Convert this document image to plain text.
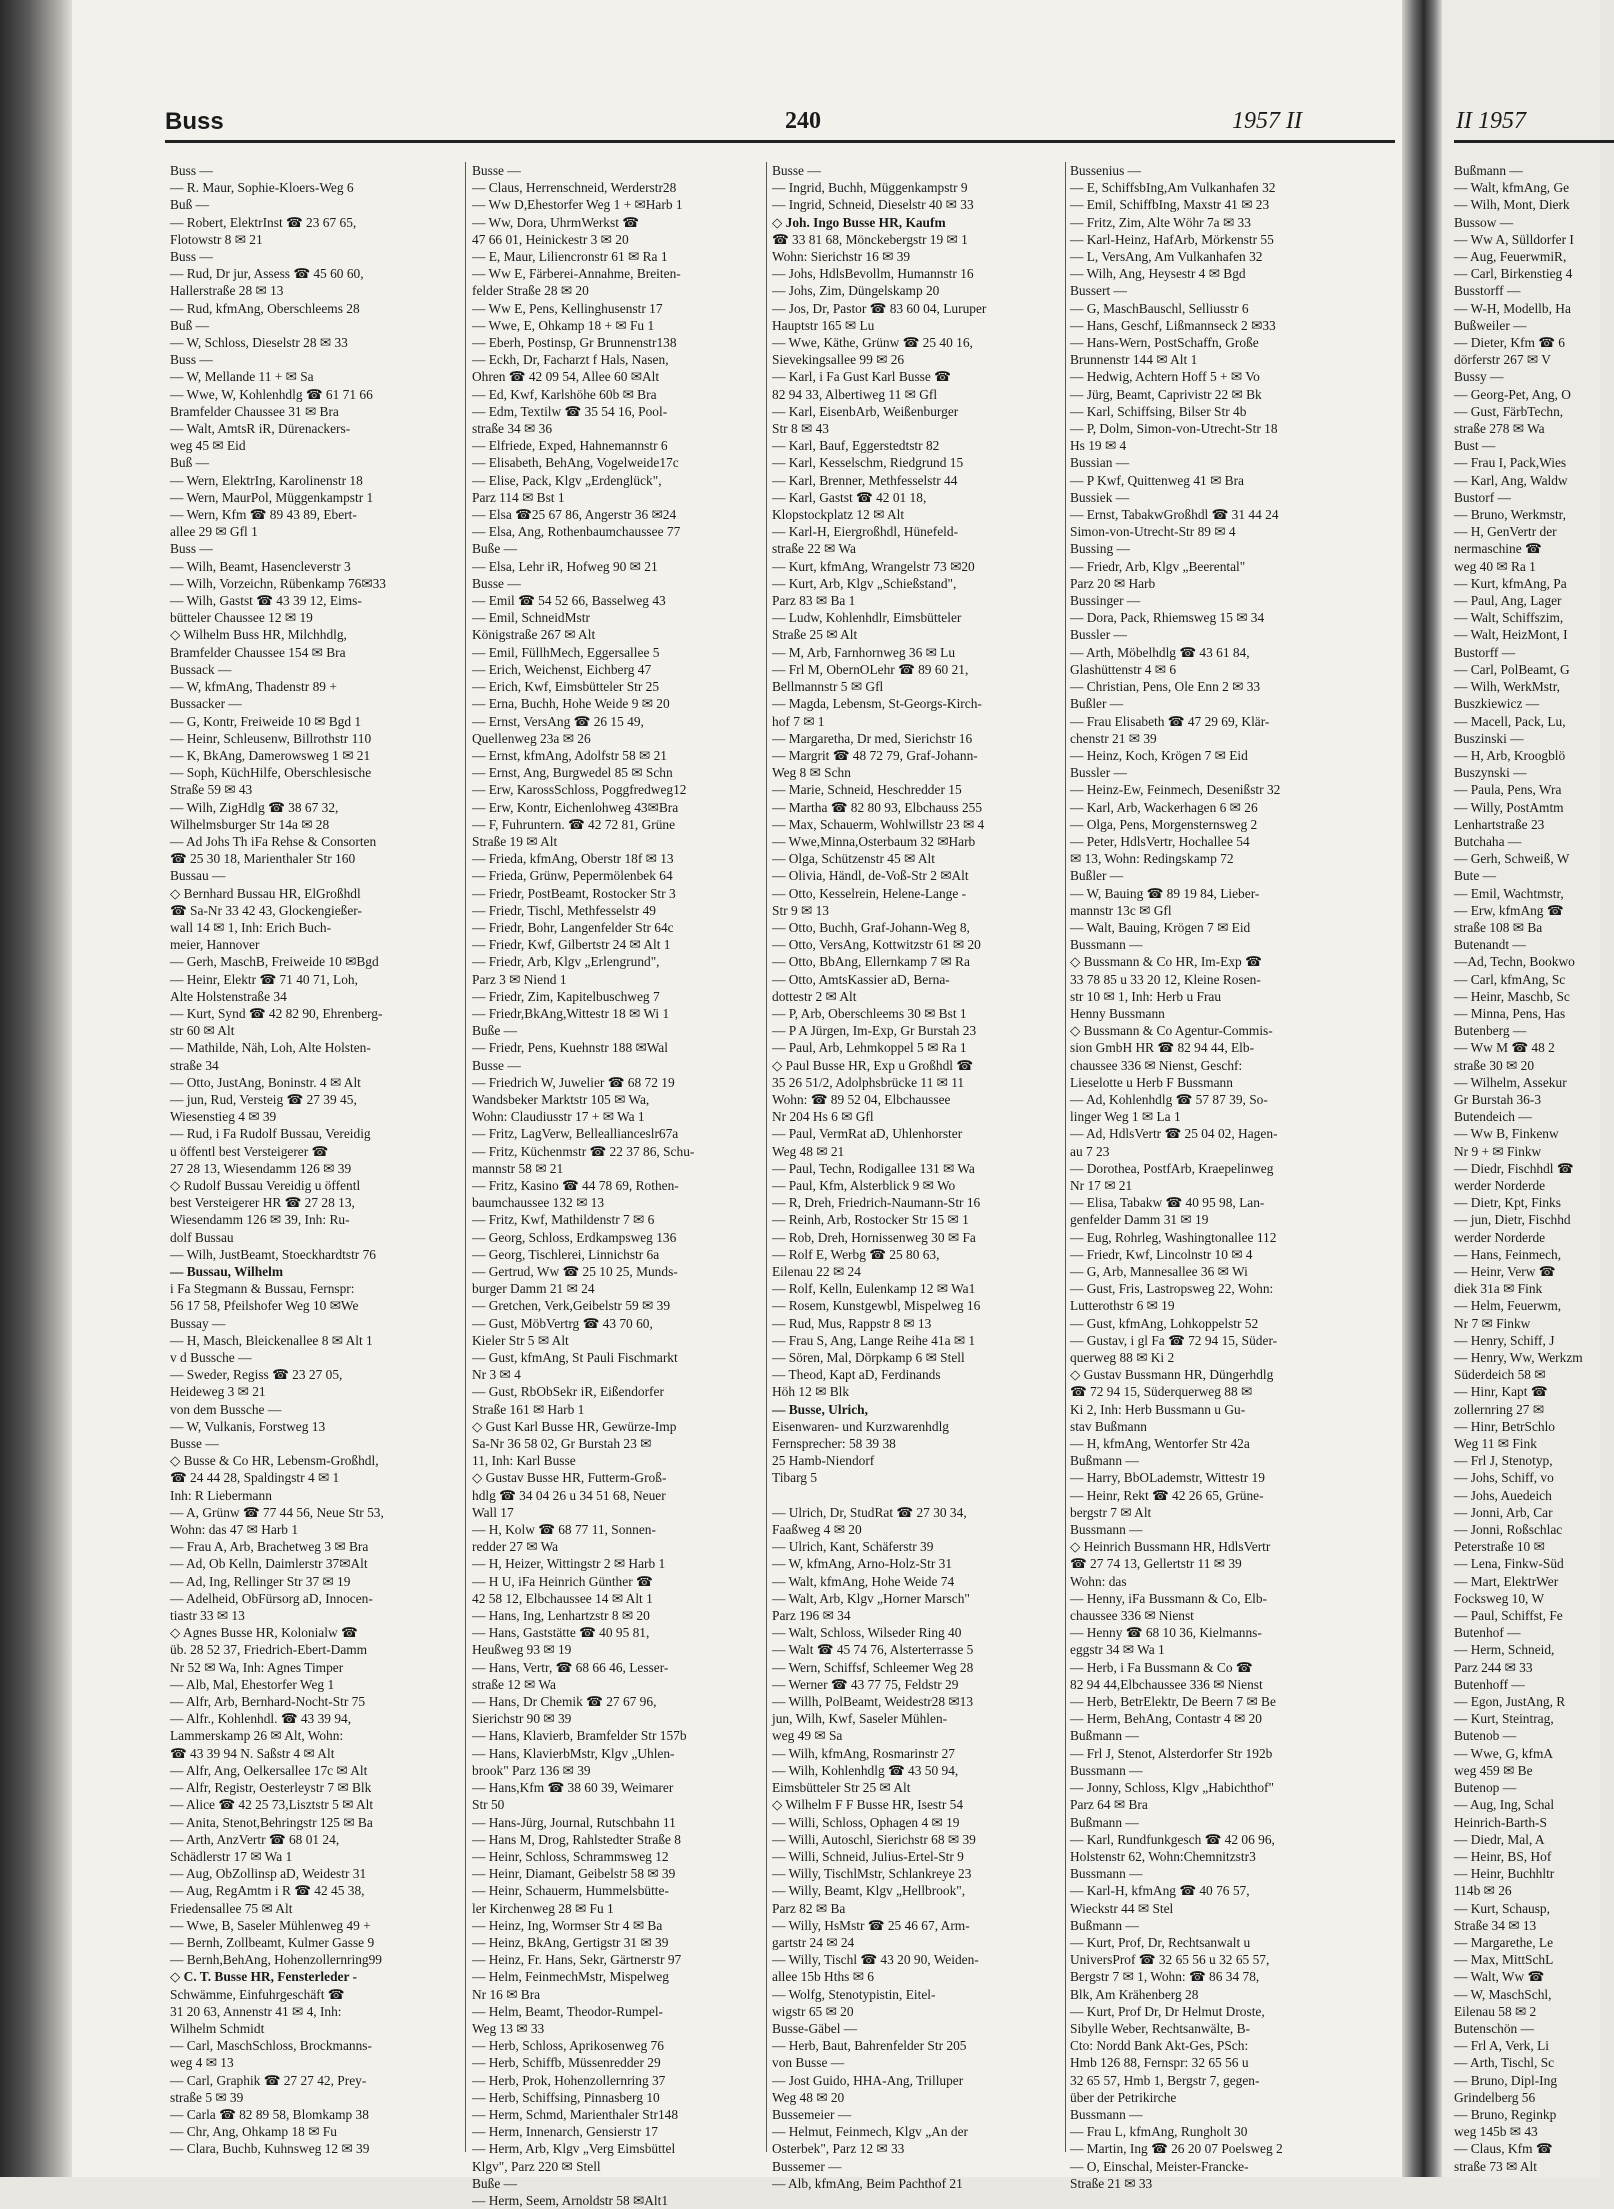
Buss	240	1957 II
Buss —
— R. Maur, Sophie-Kloers-Weg 6
Buß —
— Robert, ElektrInst ☎ 23 67 65,
Flotowstr 8 ✉ 21
Buss —
— Rud, Dr jur, Assess ☎ 45 60 60,
Hallerstraße 28 ✉ 13
— Rud, kfmAng, Oberschleems 28
Buß —
— W, Schloss, Dieselstr 28 ✉ 33
Buss —
— W, Mellande 11 + ✉ Sa
— Wwe, W, Kohlenhdlg ☎ 61 71 66
Bramfelder Chaussee 31 ✉ Bra
— Walt, AmtsR iR, Dürenackers-
weg 45 ✉ Eid
Buß —
— Wern, ElektrIng, Karolinenstr 18
— Wern, MaurPol, Müggenkampstr 1
— Wern, Kfm ☎ 89 43 89, Ebert-
allee 29 ✉ Gfl 1
Buss —
— Wilh, Beamt, Hasencleverstr 3
— Wilh, Vorzeichn, Rübenkamp 76✉33
— Wilh, Gastst ☎ 43 39 12, Eims-
bütteler Chaussee 12 ✉ 19
◇ Wilhelm Buss HR, Milchhdlg,
Bramfelder Chaussee 154 ✉ Bra
Bussack —
— W, kfmAng, Thadenstr 89 +
Bussacker —
— G, Kontr, Freiweide 10 ✉ Bgd 1
— Heinr, Schleusenw, Billrothstr 110
— K, BkAng, Damerowsweg 1 ✉ 21
— Soph, KüchHilfe, Oberschlesische
Straße 59 ✉ 43
— Wilh, ZigHdlg ☎ 38 67 32,
Wilhelmsburger Str 14a ✉ 28
— Ad Johs Th iFa Rehse & Consorten
☎ 25 30 18, Marienthaler Str 160
Bussau —
◇ Bernhard Bussau HR, ElGroßhdl
☎ Sa-Nr 33 42 43, Glockengießer-
wall 14 ✉ 1, Inh: Erich Buch-
meier, Hannover
— Gerh, MaschB, Freiweide 10 ✉Bgd
— Heinr, Elektr ☎ 71 40 71, Loh,
Alte Holstenstraße 34
— Kurt, Synd ☎ 42 82 90, Ehrenberg-
str 60 ✉ Alt
— Mathilde, Näh, Loh, Alte Holsten-
straße 34
— Otto, JustAng, Boninstr. 4 ✉ Alt
— jun, Rud, Versteig ☎ 27 39 45,
Wiesenstieg 4 ✉ 39
— Rud, i Fa Rudolf Bussau, Vereidig
u öffentl best Versteigerer ☎
27 28 13, Wiesendamm 126 ✉ 39
◇ Rudolf Bussau Vereidig u öffentl
best Versteigerer HR ☎ 27 28 13,
Wiesendamm 126 ✉ 39, Inh: Ru-
dolf Bussau
— Wilh, JustBeamt, Stoeckhardtstr 76
— Bussau, Wilhelm
i Fa Stegmann & Bussau, Fernspr:
56 17 58, Pfeilshofer Weg 10 ✉We
Bussay —
— H, Masch, Bleickenallee 8 ✉ Alt 1
v d Bussche —
— Sweder, Regiss ☎ 23 27 05,
Heideweg 3 ✉ 21
von dem Bussche —
— W, Vulkanis, Forstweg 13
Busse —
◇ Busse & Co HR, Lebensm-Großhdl,
☎ 24 44 28, Spaldingstr 4 ✉ 1
Inh: R Liebermann
— A, Grünw ☎ 77 44 56, Neue Str 53,
Wohn: das 47 ✉ Harb 1
— Frau A, Arb, Brachetweg 3 ✉ Bra
— Ad, Ob Kelln, Daimlerstr 37✉Alt
— Ad, Ing, Rellinger Str 37 ✉ 19
— Adelheid, ObFürsorg aD, Innocen-
tiastr 33 ✉ 13
◇ Agnes Busse HR, Kolonialw ☎
üb. 28 52 37, Friedrich-Ebert-Damm
Nr 52 ✉ Wa, Inh: Agnes Timper
— Alb, Mal, Ehestorfer Weg 1
— Alfr, Arb, Bernhard-Nocht-Str 75
— Alfr., Kohlenhdl. ☎ 43 39 94,
Lammerskamp 26 ✉ Alt, Wohn:
☎ 43 39 94 N. Saßstr 4 ✉ Alt
— Alfr, Ang, Oelkersallee 17c ✉ Alt
— Alfr, Registr, Oesterleystr 7 ✉ Blk
— Alice ☎ 42 25 73,Lisztstr 5 ✉ Alt
— Anita, Stenot,Behringstr 125 ✉ Ba
— Arth, AnzVertr ☎ 68 01 24,
Schädlerstr 17 ✉ Wa 1
— Aug, ObZollinsp aD, Weidestr 31
— Aug, RegAmtm i R ☎ 42 45 38,
Friedensallee 75 ✉ Alt
— Wwe, B, Saseler Mühlenweg 49 +
— Bernh, Zollbeamt, Kulmer Gasse 9
— Bernh,BehAng, Hohenzollernring99
◇ C. T. Busse HR, Fensterleder -
Schwämme, Einfuhrgeschäft ☎
31 20 63, Annenstr 41 ✉ 4, Inh:
Wilhelm Schmidt
— Carl, MaschSchloss, Brockmanns-
weg 4 ✉ 13
— Carl, Graphik ☎ 27 27 42, Prey-
straße 5 ✉ 39
— Carla ☎ 82 89 58, Blomkamp 38
— Chr, Ang, Ohkamp 18 ✉ Fu
— Clara, Buchb, Kuhnsweg 12 ✉ 39
Busse —
— Claus, Herrenschneid, Werderstr28
— Ww D,Ehestorfer Weg 1 + ✉Harb 1
— Ww, Dora, UhrmWerkst ☎
47 66 01, Heinickestr 3 ✉ 20
— E, Maur, Liliencronstr 61 ✉ Ra 1
— Ww E, Färberei-Annahme, Breiten-
felder Straße 28 ✉ 20
— Ww E, Pens, Kellinghusenstr 17
— Wwe, E, Ohkamp 18 + ✉ Fu 1
— Eberh, Postinsp, Gr Brunnenstr138
— Eckh, Dr, Facharzt f Hals, Nasen,
Ohren ☎ 42 09 54, Allee 60 ✉Alt
— Ed, Kwf, Karlshöhe 60b ✉ Bra
— Edm, Textilw ☎ 35 54 16, Pool-
straße 34 ✉ 36
— Elfriede, Exped, Hahnemannstr 6
— Elisabeth, BehAng, Vogelweide17c
— Elise, Pack, Klgv „Erdenglück",
Parz 114 ✉ Bst 1
— Elsa ☎25 67 86, Angerstr 36 ✉24
— Elsa, Ang, Rothenbaumchaussee 77
Buße —
— Elsa, Lehr iR, Hofweg 90 ✉ 21
Busse —
— Emil ☎ 54 52 66, Basselweg 43
— Emil, SchneidMstr
Königstraße 267 ✉ Alt
— Emil, FüllhMech, Eggersallee 5
— Erich, Weichenst, Eichberg 47
— Erich, Kwf, Eimsbütteler Str 25
— Erna, Buchh, Hohe Weide 9 ✉ 20
— Ernst, VersAng ☎ 26 15 49,
Quellenweg 23a ✉ 26
— Ernst, kfmAng, Adolfstr 58 ✉ 21
— Ernst, Ang, Burgwedel 85 ✉ Schn
— Erw, KarossSchloss, Poggfredweg12
— Erw, Kontr, Eichenlohweg 43✉Bra
— F, Fuhruntern. ☎ 42 72 81, Grüne
Straße 19 ✉ Alt
— Frieda, kfmAng, Oberstr 18f ✉ 13
— Frieda, Grünw, Pepermölenbek 64
— Friedr, PostBeamt, Rostocker Str 3
— Friedr, Tischl, Methfesselstr 49
— Friedr, Bohr, Langenfelder Str 64c
— Friedr, Kwf, Gilbertstr 24 ✉ Alt 1
— Friedr, Arb, Klgv „Erlengrund",
Parz 3 ✉ Niend 1
— Friedr, Zim, Kapitelbuschweg 7
— Friedr,BkAng,Wittestr 18 ✉ Wi 1
Buße —
— Friedr, Pens, Kuehnstr 188 ✉Wal
Busse —
— Friedrich W, Juwelier ☎ 68 72 19
Wandsbeker Marktstr 105 ✉ Wa,
Wohn: Claudiusstr 17 + ✉ Wa 1
— Fritz, LagVerw, Belleallianceslr67a
— Fritz, Küchenmstr ☎ 22 37 86, Schu-
mannstr 58 ✉ 21
— Fritz, Kasino ☎ 44 78 69, Rothen-
baumchaussee 132 ✉ 13
— Fritz, Kwf, Mathildenstr 7 ✉ 6
— Georg, Schloss, Erdkampsweg 136
— Georg, Tischlerei, Linnichstr 6a
— Gertrud, Ww ☎ 25 10 25, Munds-
burger Damm 21 ✉ 24
— Gretchen, Verk,Geibelstr 59 ✉ 39
— Gust, MöbVertrg ☎ 43 70 60,
Kieler Str 5 ✉ Alt
— Gust, kfmAng, St Pauli Fischmarkt
Nr 3 ✉ 4
— Gust, RbObSekr iR, Eißendorfer
Straße 161 ✉ Harb 1
◇ Gust Karl Busse HR, Gewürze-Imp
Sa-Nr 36 58 02, Gr Burstah 23 ✉
11, Inh: Karl Busse
◇ Gustav Busse HR, Futterm-Groß-
hdlg ☎ 34 04 26 u 34 51 68, Neuer
Wall 17
— H, Kolw ☎ 68 77 11, Sonnen-
redder 27 ✉ Wa
— H, Heizer, Wittingstr 2 ✉ Harb 1
— H U, iFa Heinrich Günther ☎
42 58 12, Elbchaussee 14 ✉ Alt 1
— Hans, Ing, Lenhartzstr 8 ✉ 20
— Hans, Gaststätte ☎ 40 95 81,
Heußweg 93 ✉ 19
— Hans, Vertr, ☎ 68 66 46, Lesser-
straße 12 ✉ Wa
— Hans, Dr Chemik ☎ 27 67 96,
Sierichstr 90 ✉ 39
— Hans, Klavierb, Bramfelder Str 157b
— Hans, KlavierbMstr, Klgv „Uhlen-
brook" Parz 136 ✉ 39
— Hans,Kfm ☎ 38 60 39, Weimarer
Str 50
— Hans-Jürg, Journal, Rutschbahn 11
— Hans M, Drog, Rahlstedter Straße 8
— Heinr, Schloss, Schrammsweg 12
— Heinr, Diamant, Geibelstr 58 ✉ 39
— Heinr, Schauerm, Hummelsbütte-
ler Kirchenweg 28 ✉ Fu 1
— Heinz, Ing, Wormser Str 4 ✉ Ba
— Heinz, BkAng, Gertigstr 31 ✉ 39
— Heinz, Fr. Hans, Sekr, Gärtnerstr 97
— Helm, FeinmechMstr, Mispelweg
Nr 16 ✉ Bra
— Helm, Beamt, Theodor-Rumpel-
Weg 13 ✉ 33
— Herb, Schloss, Aprikosenweg 76
— Herb, Schiffb, Müssenredder 29
— Herb, Prok, Hohenzollernring 37
— Herb, Schiffsing, Pinnasberg 10
— Herm, Schmd, Marienthaler Str148
— Herm, Innenarch, Gensierstr 17
— Herm, Arb, Klgv „Verg Eimsbüttel
Klgv", Parz 220 ✉ Stell
Buße —
— Herm, Seem, Arnoldstr 58 ✉Alt1
Busse —
— Ingrid, Buchh, Müggenkampstr 9
— Ingrid, Schneid, Dieselstr 40 ✉ 33
◇ Joh. Ingo Busse HR, Kaufm
☎ 33 81 68, Mönckebergstr 19 ✉ 1
Wohn: Sierichstr 16 ✉ 39
— Johs, HdlsBevollm, Humannstr 16
— Johs, Zim, Düngelskamp 20
— Jos, Dr, Pastor ☎ 83 60 04, Luruper
Hauptstr 165 ✉ Lu
— Wwe, Käthe, Grünw ☎ 25 40 16,
Sievekingsallee 99 ✉ 26
— Karl, i Fa Gust Karl Busse ☎
82 94 33, Albertiweg 11 ✉ Gfl
— Karl, EisenbArb, Weißenburger
Str 8 ✉ 43
— Karl, Bauf, Eggerstedtstr 82
— Karl, Kesselschm, Riedgrund 15
— Karl, Brenner, Methfesselstr 44
— Karl, Gastst ☎ 42 01 18,
Klopstockplatz 12 ✉ Alt
— Karl-H, Eiergroßhdl, Hünefeld-
straße 22 ✉ Wa
— Kurt, kfmAng, Wrangelstr 73 ✉20
— Kurt, Arb, Klgv „Schießstand",
Parz 83 ✉ Ba 1
— Ludw, Kohlenhdlr, Eimsbütteler
Straße 25 ✉ Alt
— M, Arb, Farnhornweg 36 ✉ Lu
— Frl M, ObernOLehr ☎ 89 60 21,
Bellmannstr 5 ✉ Gfl
— Magda, Lebensm, St-Georgs-Kirch-
hof 7 ✉ 1
— Margaretha, Dr med, Sierichstr 16
— Margrit ☎ 48 72 79, Graf-Johann-
Weg 8 ✉ Schn
— Marie, Schneid, Heschredder 15
— Martha ☎ 82 80 93, Elbchauss 255
— Max, Schauerm, Wohlwillstr 23 ✉ 4
— Wwe,Minna,Osterbaum 32 ✉Harb
— Olga, Schützenstr 45 ✉ Alt
— Olivia, Händl, de-Voß-Str 2 ✉Alt
— Otto, Kesselrein, Helene-Lange -
Str 9 ✉ 13
— Otto, Buchh, Graf-Johann-Weg 8,
— Otto, VersAng, Kottwitzstr 61 ✉ 20
— Otto, BbAng, Ellernkamp 7 ✉ Ra
— Otto, AmtsKassier aD, Berna-
dottestr 2 ✉ Alt
— P, Arb, Oberschleems 30 ✉ Bst 1
— P A Jürgen, Im-Exp, Gr Burstah 23
— Paul, Arb, Lehmkoppel 5 ✉ Ra 1
◇ Paul Busse HR, Exp u Großhdl ☎
35 26 51/2, Adolphsbrücke 11 ✉ 11
Wohn: ☎ 89 52 04, Elbchaussee
Nr 204 Hs 6 ✉ Gfl
— Paul, VermRat aD, Uhlenhorster
Weg 48 ✉ 21
— Paul, Techn, Rodigallee 131 ✉ Wa
— Paul, Kfm, Alsterblick 9 ✉ Wo
— R, Dreh, Friedrich-Naumann-Str 16
— Reinh, Arb, Rostocker Str 15 ✉ 1
— Rob, Dreh, Hornissenweg 30 ✉ Fa
— Rolf E, Werbg ☎ 25 80 63,
Eilenau 22 ✉ 24
— Rolf, Kelln, Eulenkamp 12 ✉ Wa1
— Rosem, Kunstgewbl, Mispelweg 16
— Rud, Mus, Rappstr 8 ✉ 13
— Frau S, Ang, Lange Reihe 41a ✉ 1
— Sören, Mal, Dörpkamp 6 ✉ Stell
— Theod, Kapt aD, Ferdinands
Höh 12 ✉ Blk
— Busse, Ulrich,
Eisenwaren- und Kurzwarenhdlg
Fernsprecher: 58 39 38
25 Hamb-Niendorf
Tibarg 5

— Ulrich, Dr, StudRat ☎ 27 30 34,
Faaßweg 4 ✉ 20
— Ulrich, Kant, Schäferstr 39
— W, kfmAng, Arno-Holz-Str 31
— Walt, kfmAng, Hohe Weide 74
— Walt, Arb, Klgv „Horner Marsch"
Parz 196 ✉ 34
— Walt, Schloss, Wilseder Ring 40
— Walt ☎ 45 74 76, Alsterterrasse 5
— Wern, Schiffsf, Schleemer Weg 28
— Werner ☎ 43 77 75, Feldstr 29
— Willh, PolBeamt, Weidestr28 ✉13
jun, Wilh, Kwf, Saseler Mühlen-
weg 49 ✉ Sa
— Wilh, kfmAng, Rosmarinstr 27
— Wilh, Kohlenhdlg ☎ 43 50 94,
Eimsbütteler Str 25 ✉ Alt
◇ Wilhelm F F Busse HR, Isestr 54
— Willi, Schloss, Ophagen 4 ✉ 19
— Willi, Autoschl, Sierichstr 68 ✉ 39
— Willi, Schneid, Julius-Ertel-Str 9
— Willy, TischlMstr, Schlankreye 23
— Willy, Beamt, Klgv „Hellbrook",
Parz 82 ✉ Ba
— Willy, HsMstr ☎ 25 46 67, Arm-
gartstr 24 ✉ 24
— Willy, Tischl ☎ 43 20 90, Weiden-
allee 15b Hths ✉ 6
— Wolfg, Stenotypistin, Eitel-
wigstr 65 ✉ 20
Busse-Gäbel —
— Herb, Baut, Bahrenfelder Str 205
von Busse —
— Jost Guido, HHA-Ang, Trilluper
Weg 48 ✉ 20
Bussemeier —
— Helmut, Feinmech, Klgv „An der
Osterbek", Parz 12 ✉ 33
Bussemer —
— Alb, kfmAng, Beim Pachthof 21
Bussenius —
— E, SchiffsbIng,Am Vulkanhafen 32
— Emil, SchiffbIng, Maxstr 41 ✉ 23
— Fritz, Zim, Alte Wöhr 7a ✉ 33
— Karl-Heinz, HafArb, Mörkenstr 55
— L, VersAng, Am Vulkanhafen 32
— Wilh, Ang, Heysestr 4 ✉ Bgd
Bussert —
— G, MaschBauschl, Selliusstr 6
— Hans, Geschf, Lißmannseck 2 ✉33
— Hans-Wern, PostSchaffn, Große
Brunnenstr 144 ✉ Alt 1
— Hedwig, Achtern Hoff 5 + ✉ Vo
— Jürg, Beamt, Caprivistr 22 ✉ Bk
— Karl, Schiffsing, Bilser Str 4b
— P, Dolm, Simon-von-Utrecht-Str 18
Hs 19 ✉ 4
Bussian —
— P Kwf, Quittenweg 41 ✉ Bra
Bussiek —
— Ernst, TabakwGroßhdl ☎ 31 44 24
Simon-von-Utrecht-Str 89 ✉ 4
Bussing —
— Friedr, Arb, Klgv „Beerental"
Parz 20 ✉ Harb
Bussinger —
— Dora, Pack, Rhiemsweg 15 ✉ 34
Bussler —
— Arth, Möbelhdlg ☎ 43 61 84,
Glashüttenstr 4 ✉ 6
— Christian, Pens, Ole Enn 2 ✉ 33
Bußler —
— Frau Elisabeth ☎ 47 29 69, Klär-
chenstr 21 ✉ 39
— Heinz, Koch, Krögen 7 ✉ Eid
Bussler —
— Heinz-Ew, Feinmech, Desenißstr 32
— Karl, Arb, Wackerhagen 6 ✉ 26
— Olga, Pens, Morgensternsweg 2
— Peter, HdlsVertr, Hochallee 54
✉ 13, Wohn: Redingskamp 72
Bußler —
— W, Bauing ☎ 89 19 84, Lieber-
mannstr 13c ✉ Gfl
— Walt, Bauing, Krögen 7 ✉ Eid
Bussmann —
◇ Bussmann & Co HR, Im-Exp ☎
33 78 85 u 33 20 12, Kleine Rosen-
str 10 ✉ 1, Inh: Herb u Frau
Henny Bussmann
◇ Bussmann & Co Agentur-Commis-
sion GmbH HR ☎ 82 94 44, Elb-
chaussee 336 ✉ Nienst, Geschf:
Lieselotte u Herb F Bussmann
— Ad, Kohlenhdlg ☎ 57 87 39, So-
linger Weg 1 ✉ La 1
— Ad, HdlsVertr ☎ 25 04 02, Hagen-
au 7 23
— Dorothea, PostfArb, Kraepelinweg
Nr 17 ✉ 21
— Elisa, Tabakw ☎ 40 95 98, Lan-
genfelder Damm 31 ✉ 19
— Eug, Rohrleg, Washingtonallee 112
— Friedr, Kwf, Lincolnstr 10 ✉ 4
— G, Arb, Mannesallee 36 ✉ Wi
— Gust, Fris, Lastropsweg 22, Wohn:
Lutterothstr 6 ✉ 19
— Gust, kfmAng, Lohkoppelstr 52
— Gustav, i gl Fa ☎ 72 94 15, Süder-
querweg 88 ✉ Ki 2
◇ Gustav Bussmann HR, Düngerhdlg
☎ 72 94 15, Süderquerweg 88 ✉
Ki 2, Inh: Herb Bussmann u Gu-
stav Bußmann
— H, kfmAng, Wentorfer Str 42a
Bußmann —
— Harry, BbOLademstr, Wittestr 19
— Heinr, Rekt ☎ 42 26 65, Grüne-
bergstr 7 ✉ Alt
Bussmann —
◇ Heinrich Bussmann HR, HdlsVertr
☎ 27 74 13, Gellertstr 11 ✉ 39
Wohn: das
— Henny, iFa Bussmann & Co, Elb-
chaussee 336 ✉ Nienst
— Henny ☎ 68 10 36, Kielmanns-
eggstr 34 ✉ Wa 1
— Herb, i Fa Bussmann & Co ☎
82 94 44,Elbchaussee 336 ✉ Nienst
— Herb, BetrElektr, De Beern 7 ✉ Be
— Herm, BehAng, Contastr 4 ✉ 20
Bußmann —
— Frl J, Stenot, Alsterdorfer Str 192b
Bussmann —
— Jonny, Schloss, Klgv „Habichthof"
Parz 64 ✉ Bra
Bußmann —
— Karl, Rundfunkgesch ☎ 42 06 96,
Holstenstr 62, Wohn:Chemnitzstr3
Bussmann —
— Karl-H, kfmAng ☎ 40 76 57,
Wieckstr 44 ✉ Stel
Bußmann —
— Kurt, Prof, Dr, Rechtsanwalt u
UniversProf ☎ 32 65 56 u 32 65 57,
Bergstr 7 ✉ 1, Wohn: ☎ 86 34 78,
Blk, Am Krähenberg 28
— Kurt, Prof Dr, Dr Helmut Droste,
Sibylle Weber, Rechtsanwälte, B-
Cto: Nordd Bank Akt-Ges, PSch:
Hmb 126 88, Fernspr: 32 65 56 u
32 65 57, Hmb 1, Bergstr 7, gegen-
über der Petrikirche
Bussmann —
— Frau L, kfmAng, Rungholt 30
— Martin, Ing ☎ 26 20 07 Poelsweg 2
— O, Einschal, Meister-Francke-
Straße 21 ✉ 33
II 1957
Bußmann —
— Walt, kfmAng, Ge
— Wilh, Mont, Dierk
Bussow —
— Ww A, Sülldorfer I
— Aug, FeuerwmiR,
— Carl, Birkenstieg 4
Busstorff —
— W-H, Modellb, Ha
Bußweiler —
— Dieter, Kfm ☎ 6
dörferstr 267 ✉ V
Bussy —
— Georg-Pet, Ang, O
— Gust, FärbTechn,
straße 278 ✉ Wa
Bust —
— Frau I, Pack,Wies
— Karl, Ang, Waldw
Bustorf —
— Bruno, Werkmstr,
— H, GenVertr der
nermaschine ☎
weg 40 ✉ Ra 1
— Kurt, kfmAng, Pa
— Paul, Ang, Lager
— Walt, Schiffszim,
— Walt, HeizMont, I
Bustorff —
— Carl, PolBeamt, G
— Wilh, WerkMstr,
Buszkiewicz —
— Macell, Pack, Lu,
Buszinski —
— H, Arb, Kroogblö
Buszynski —
— Paula, Pens, Wra
— Willy, PostAmtm
Lenhartstraße 23
Butchaha —
— Gerh, Schweiß, W
Bute —
— Emil, Wachtmstr,
— Erw, kfmAng ☎
straße 108 ✉ Ba
Butenandt —
—Ad, Techn, Bookwo
— Carl, kfmAng, Sc
— Heinr, Maschb, Sc
— Minna, Pens, Has
Butenberg —
— Ww M ☎ 48 2
straße 30 ✉ 20
— Wilhelm, Assekur
Gr Burstah 36-3
Butendeich —
— Ww B, Finkenw
Nr 9 + ✉ Finkw
— Diedr, Fischhdl ☎
werder Norderde
— Dietr, Kpt, Finks
— jun, Dietr, Fischhd
werder Norderde
— Hans, Feinmech,
— Heinr, Verw ☎
diek 31a ✉ Fink
— Helm, Feuerwm,
Nr 7 ✉ Finkw
— Henry, Schiff, J
— Henry, Ww, Werkzm
Süderdeich 58 ✉
— Hinr, Kapt ☎
zollernring 27 ✉
— Hinr, BetrSchlo
Weg 11 ✉ Fink
— Frl J, Stenotyp,
— Johs, Schiff, vo
— Johs, Auedeich
— Jonni, Arb, Car
— Jonni, Roßschlac
Peterstraße 10 ✉
— Lena, Finkw-Süd
— Mart, ElektrWer
Focksweg 10, W
— Paul, Schiffst, Fe
Butenhof —
— Herm, Schneid,
Parz 244 ✉ 33
Butenhoff —
— Egon, JustAng, R
— Kurt, Steintrag,
Butenob —
— Wwe, G, kfmA
weg 459 ✉ Be
Butenop —
— Aug, Ing, Schal
Heinrich-Barth-S
— Diedr, Mal, A
— Heinr, BS, Hof
— Heinr, Buchhltr
114b ✉ 26
— Kurt, Schausp,
Straße 34 ✉ 13
— Margarethe, Le
— Max, MittSchL
— Walt, Ww ☎
— W, MaschSchl,
Eilenau 58 ✉ 2
Butenschön —
— Frl A, Verk, Li
— Arth, Tischl, Sc
— Bruno, Dipl-Ing
Grindelberg 56
— Bruno, Reginkp
weg 145b ✉ 43
— Claus, Kfm ☎
straße 73 ✉ Alt
